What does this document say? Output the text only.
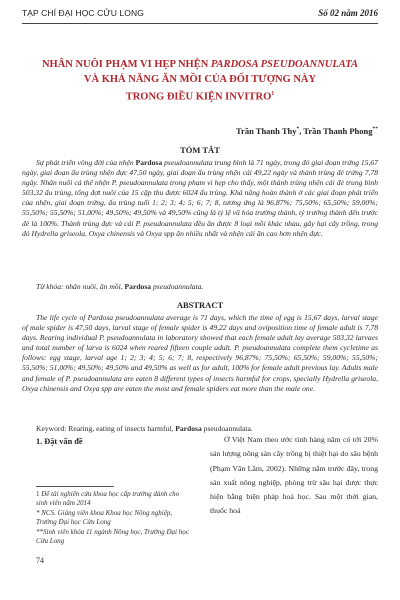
TẠP CHÍ ĐẠI HỌC CỬU LONG	Số 02 năm 2016
NHÂN NUÔI PHẠM VI HẸP NHỆN PARDOSA PSEUDOANNULATA
VÀ KHẢ NĂNG ĂN MỒI CỦA ĐỐI TƯỢNG NÀY
TRONG ĐIỀU KIỆN INVITRO$^1$
Trần Thanh Thy*, Trần Thanh Phong**
TÓM TẮT
Sự phát triển vòng đời của nhện Pardosa pseudoannulata trung bình là 71 ngày, trong đó giai đoạn trứng 15,67 ngày, giai đoạn ấu trùng nhện đực 47,50 ngày, giai đoạn ấu trùng nhện cái 49,22 ngày và thành trùng đẻ trứng 7,78 ngày. Nhân nuôi cá thể nhện P. pseudoannulata trong phạm vi hẹp cho thấy, một thành trùng nhện cái đẻ trung bình 503,32 ấu trùng, tổng đợt nuôi của 15 cặp thu được 6024 ấu trùng. Khả năng hoàn thành ở các giai đoạn phát triển của nhện, giai đoạn trứng, ấu trùng tuổi 1; 2; 3; 4; 5; 6; 7; 8, tương ứng là 96,87%; 75,50%; 65,50%; 59,00%; 55,50%; 55,50%; 51,00%; 49,50%; 49,50% và 49,50% cũng là tỷ lệ vũ hóa trưởng thành, tỷ trưởng thành đến trước đẻ là 100%. Thành trùng đực và cái P. pseudoannulata đều ăn được 8 loại mồi khác nhau, gây hại cây trồng, trong đó Hydrella griseola, Oxya chinensis và Oxya spp ăn nhiều nhất và nhện cái ăn cao hơn nhện đực.
Từ khóa: nhân nuôi, ăn mồi, Pardosa pseudoannulata.
ABSTRACT
The life cycle of Pardosa pseudoannulata average is 71 days, which the time of egg is 15,67 days, larval stage of male spider is 47,50 days, larval stage of female spider is 49,22 days and oviposition time of female adult is 7,78 days. Rearing individual P. pseudoannulata in laboratory showed that each female adult lay average 503,32 larvaes and total number of larva is 6024 when reared fifteen couple adult. P. pseudoannulata complete them cycletime as follows: egg stage, larval age 1; 2; 3; 4; 5; 6; 7; 8, respectively 96,87%; 75,50%; 65,50%; 59,00%; 55,50%; 55,50%; 51,00%; 49,50%; 49,50% and 49,50% as well as for adult, 100% for female adult previous lay. Adults male and female of P. pseudoannulata are eaten 8 different types of insects harmful for crops, specially Hydrella griseola, Oxya chinensis and Oxya spp are eaten the most and female spiders eat more than the male one.
Keyword: Rearing, eating of insects harmful, Pardosa pseudoannulata.
1. Đặt vấn đề
1 Để tài nghiên cứu khoa học cấp trường dành cho sinh viên năm 2014
* NCS. Giảng viên khoa Khoa học Nông nghiệp, Trường Đại học Cửu Long
**Sinh viên khóa 11 ngành Nông học, Trường Đại học Cửu Long
Ở Việt Nam theo ước tính hàng năm có tới 20% sản lượng nông sản cây trồng bị thiệt hại do sâu bệnh (Phạm Văn Lầm, 2002). Những năm trước đây, trong sản xuất nông nghiệp, phòng trừ sâu hại được thực hiện bằng biện pháp hoá học. Sau một thời gian, thuốc hoá
74
